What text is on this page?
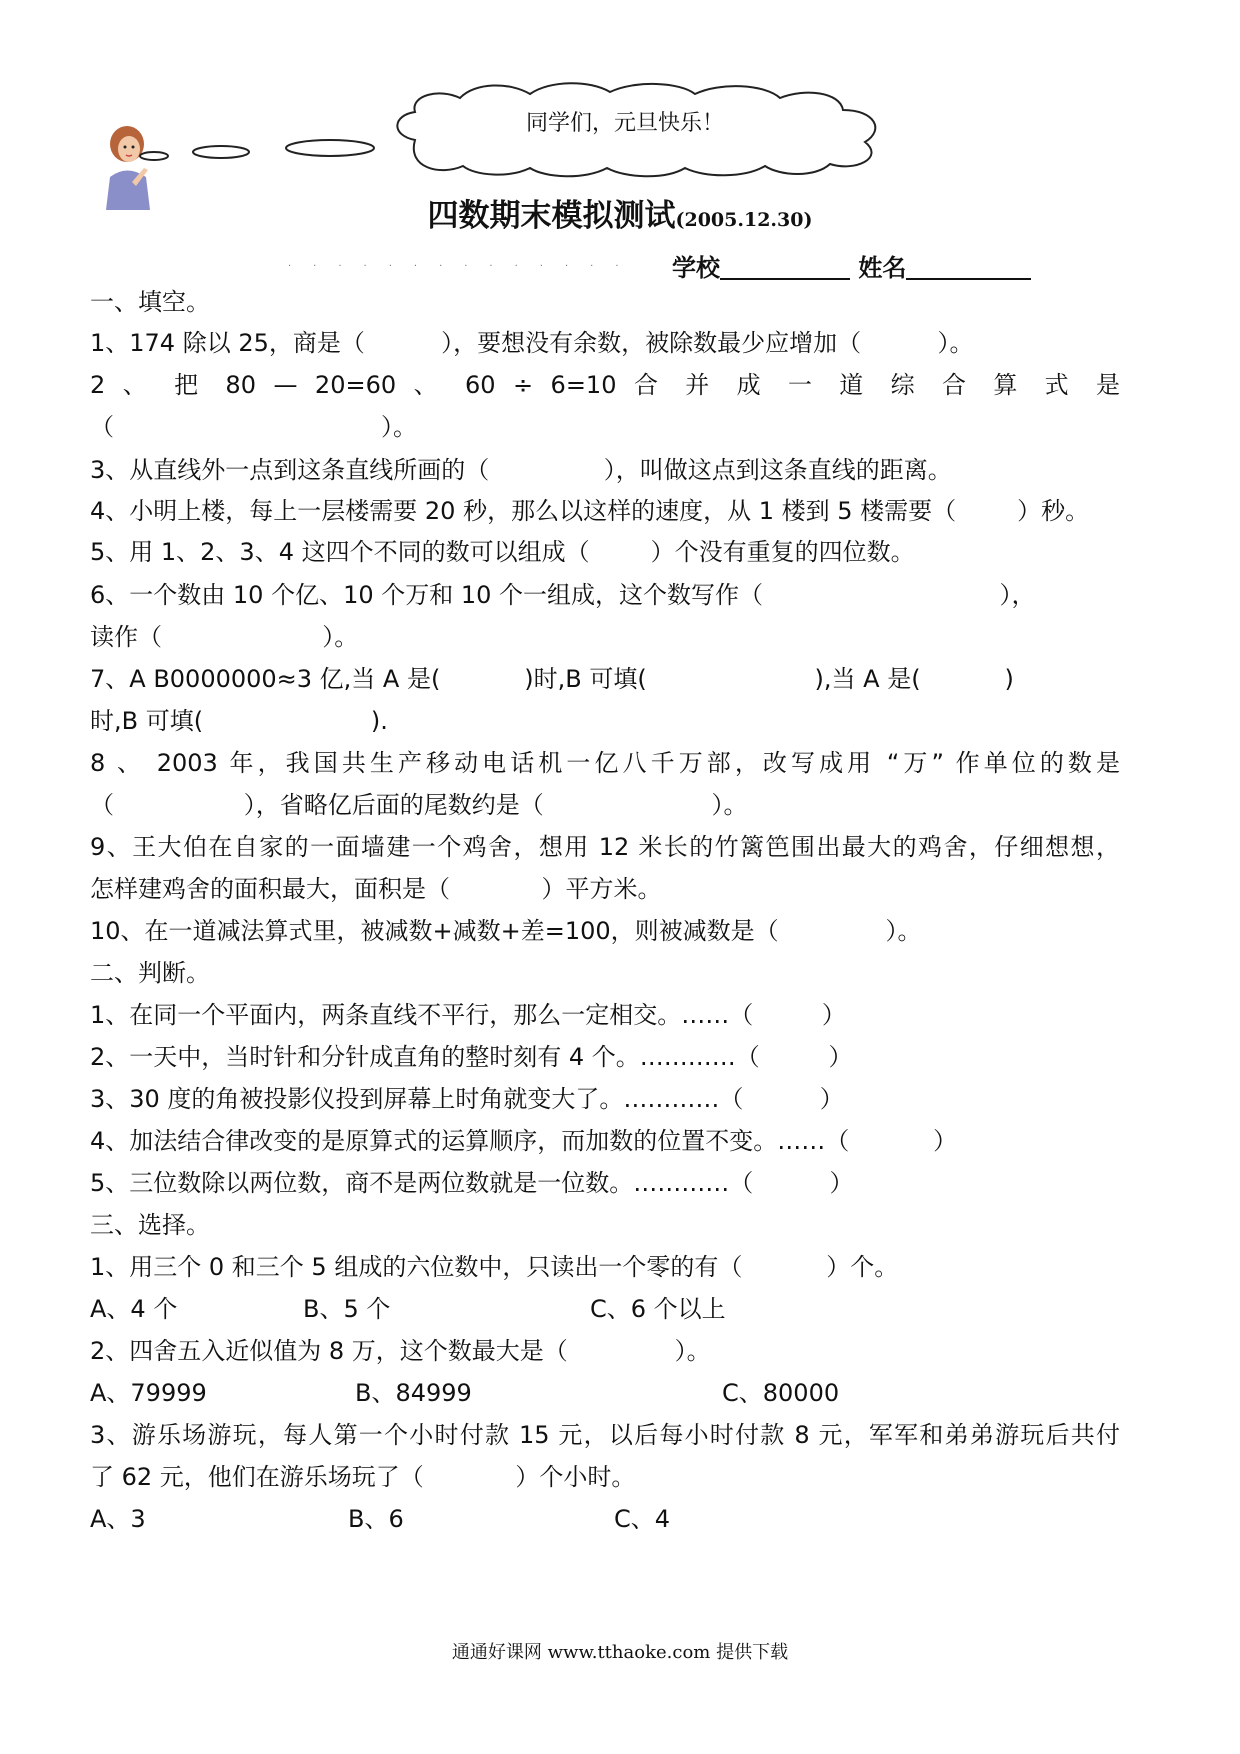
同学们，元旦快乐！
四数期末模拟测试(2005.12.30)
.............. 学校	姓名
一、填空。
1、174 除以 25，商是（          ），要想没有余数，被除数最少应增加（          ）。
2 、 把 80 — 20=60 、 60 ÷ 6=10 合 并 成 一 道 综 合 算 式 是
（                                   ）。
3、从直线外一点到这条直线所画的（               ），叫做这点到这条直线的距离。
4、小明上楼，每上一层楼需要 20 秒，那么以这样的速度，从 1 楼到 5 楼需要（        ）秒。
5、用 1、2、3、4 这四个不同的数可以组成（        ）个没有重复的四位数。
6、一个数由 10 个亿、10 个万和 10 个一组成，这个数写作（                               ），
读作（                     ）。
7、A B0000000≈3 亿,当 A 是(           )时,B 可填(                      ),当 A 是(           )
时,B 可填(                      ).
8 、 2003 年，我国共生产移动电话机一亿八千万部，改写成用 “万” 作单位的数是
（                 ），省略亿后面的尾数约是（                      ）。
9、王大伯在自家的一面墙建一个鸡舍，想用 12 米长的竹篱笆围出最大的鸡舍，仔细想想，
怎样建鸡舍的面积最大，面积是（            ）平方米。
10、在一道减法算式里，被减数+减数+差=100，则被减数是（              ）。
二、判断。
1、在同一个平面内，两条直线不平行，那么一定相交。……（         ）
2、一天中，当时针和分针成直角的整时刻有 4 个。…………（         ）
3、30 度的角被投影仪投到屏幕上时角就变大了。…………（          ）
4、加法结合律改变的是原算式的运算顺序，而加数的位置不变。……（           ）
5、三位数除以两位数，商不是两位数就是一位数。…………（          ）
三、选择。
1、用三个 0 和三个 5 组成的六位数中，只读出一个零的有（           ）个。
A、4 个	B、5 个	C、6 个以上
2、四舍五入近似值为 8 万，这个数最大是（              ）。
A、79999	B、84999	C、80000
3、游乐场游玩，每人第一个小时付款 15 元，以后每小时付款 8 元，军军和弟弟游玩后共付
了 62 元，他们在游乐场玩了（            ）个小时。
A、3	B、6	C、4
通通好课网 www.tthaoke.com 提供下载
